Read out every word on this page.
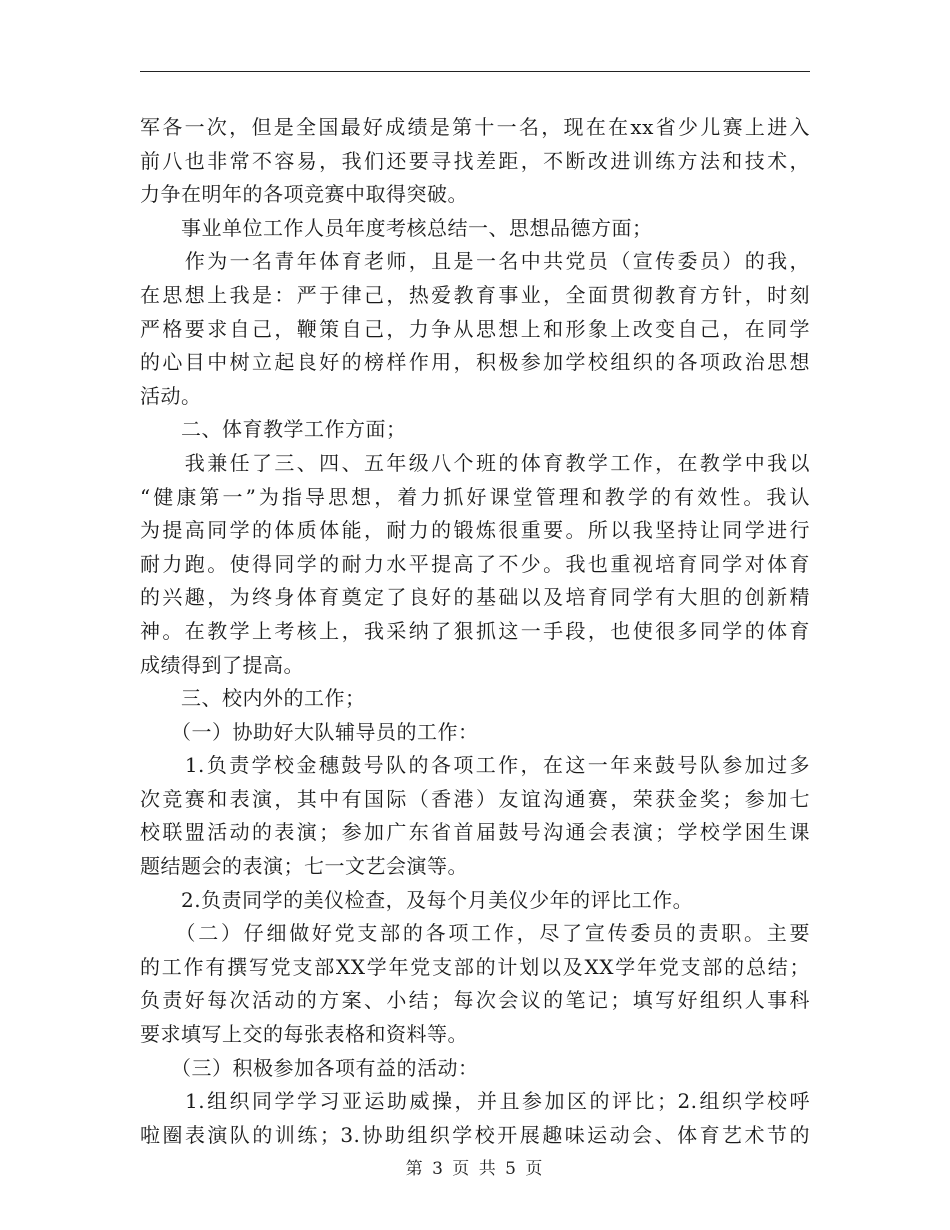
军各一次，但是全国最好成绩是第十一名，现在在xx省少儿赛上进入
前八也非常不容易，我们还要寻找差距，不断改进训练方法和技术，
力争在明年的各项竞赛中取得突破。
　　事业单位工作人员年度考核总结一、思想品德方面；
　　作为一名青年体育老师，且是一名中共党员（宣传委员）的我，
在思想上我是：严于律己，热爱教育事业，全面贯彻教育方针，时刻
严格要求自己，鞭策自己，力争从思想上和形象上改变自己，在同学
的心目中树立起良好的榜样作用，积极参加学校组织的各项政治思想
活动。
　　二、体育教学工作方面；
　　我兼任了三、四、五年级八个班的体育教学工作，在教学中我以
“健康第一”为指导思想，着力抓好课堂管理和教学的有效性。我认
为提高同学的体质体能，耐力的锻炼很重要。所以我坚持让同学进行
耐力跑。使得同学的耐力水平提高了不少。我也重视培育同学对体育
的兴趣，为终身体育奠定了良好的基础以及培育同学有大胆的创新精
神。在教学上考核上，我采纳了狠抓这一手段，也使很多同学的体育
成绩得到了提高。
　　三、校内外的工作；
　　（一）协助好大队辅导员的工作：
　　1.负责学校金穗鼓号队的各项工作，在这一年来鼓号队参加过多
次竞赛和表演，其中有国际（香港）友谊沟通赛，荣获金奖；参加七
校联盟活动的表演；参加广东省首届鼓号沟通会表演；学校学困生课
题结题会的表演；七一文艺会演等。
　　2.负责同学的美仪检查，及每个月美仪少年的评比工作。
　　（二）仔细做好党支部的各项工作，尽了宣传委员的责职。主要
的工作有撰写党支部XX学年党支部的计划以及XX学年党支部的总结；
负责好每次活动的方案、小结；每次会议的笔记；填写好组织人事科
要求填写上交的每张表格和资料等。
　　（三）积极参加各项有益的活动：
　　1.组织同学学习亚运助威操，并且参加区的评比；2.组织学校呼
啦圈表演队的训练；3.协助组织学校开展趣味运动会、体育艺术节的
第 3 页 共 5 页
